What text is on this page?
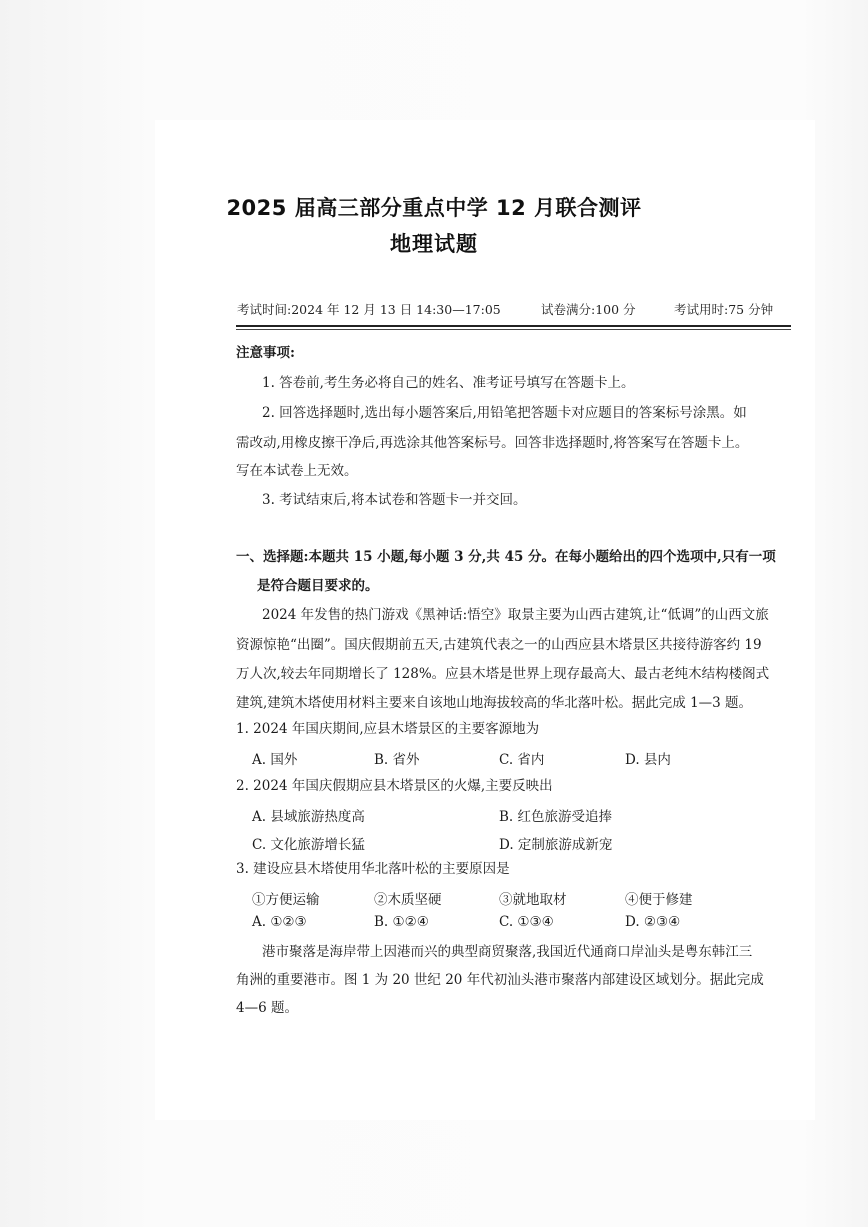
2025 届高三部分重点中学 12 月联合测评
地理试题
考试时间:2024 年 12 月 13 日 14:30—17:05	试卷满分:100 分	考试用时:75 分钟
注意事项:
1. 答卷前,考生务必将自己的姓名、准考证号填写在答题卡上。
2. 回答选择题时,选出每小题答案后,用铅笔把答题卡对应题目的答案标号涂黑。如
需改动,用橡皮擦干净后,再选涂其他答案标号。回答非选择题时,将答案写在答题卡上。
写在本试卷上无效。
3. 考试结束后,将本试卷和答题卡一并交回。
一、选择题:本题共 15 小题,每小题 3 分,共 45 分。在每小题给出的四个选项中,只有一项
是符合题目要求的。
2024 年发售的热门游戏《黑神话:悟空》取景主要为山西古建筑,让“低调”的山西文旅
资源惊艳“出圈”。国庆假期前五天,古建筑代表之一的山西应县木塔景区共接待游客约 19
万人次,较去年同期增长了 128%。应县木塔是世界上现存最高大、最古老纯木结构楼阁式
建筑,建筑木塔使用材料主要来自该地山地海拔较高的华北落叶松。据此完成 1—3 题。
1. 2024 年国庆期间,应县木塔景区的主要客源地为
A. 国外	B. 省外	C. 省内	D. 县内
2. 2024 年国庆假期应县木塔景区的火爆,主要反映出
A. 县域旅游热度高	B. 红色旅游受追捧
C. 文化旅游增长猛	D. 定制旅游成新宠
3. 建设应县木塔使用华北落叶松的主要原因是
①方便运输	②木质坚硬	③就地取材	④便于修建
A. ①②③	B. ①②④	C. ①③④	D. ②③④
港市聚落是海岸带上因港而兴的典型商贸聚落,我国近代通商口岸汕头是粤东韩江三
角洲的重要港市。图 1 为 20 世纪 20 年代初汕头港市聚落内部建设区域划分。据此完成
4—6 题。
